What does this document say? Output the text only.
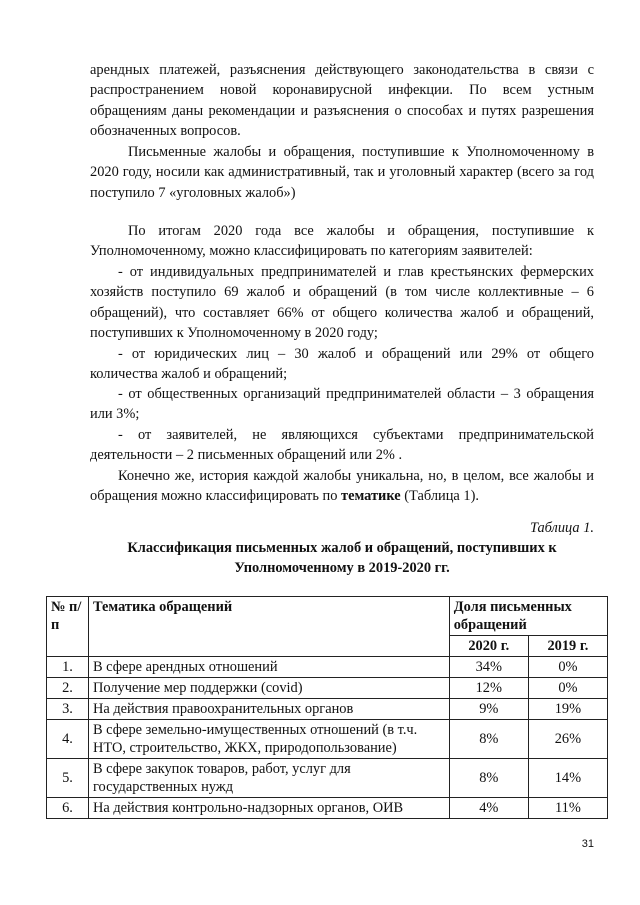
арендных платежей, разъяснения действующего законодательства в связи с распространением новой коронавирусной инфекции. По всем устным обращениям даны рекомендации и разъяснения о способах и путях разрешения обозначенных вопросов.

Письменные жалобы и обращения, поступившие к Уполномоченному в 2020 году, носили как административный, так и уголовный характер (всего за год поступило 7 «уголовных жалоб»)

По итогам 2020 года все жалобы и обращения, поступившие к Уполномоченному, можно классифицировать по категориям заявителей:

- от индивидуальных предпринимателей и глав крестьянских фермерских хозяйств поступило 69 жалоб и обращений (в том числе коллективные – 6 обращений), что составляет 66% от общего количества жалоб и обращений, поступивших к Уполномоченному в 2020 году;

- от юридических лиц – 30 жалоб и обращений или 29% от общего количества жалоб и обращений;

- от общественных организаций предпринимателей области – 3 обращения или 3%;

- от заявителей, не являющихся субъектами предпринимательской деятельности – 2 письменных обращений или 2% .

Конечно же, история каждой жалобы уникальна, но, в целом, все жалобы и обращения можно классифицировать по тематике (Таблица 1).

Таблица 1.
Классификация письменных жалоб и обращений, поступивших к Уполномоченному в 2019-2020 гг.
№ п/п	Тематика обращений	Доля письменных обращений	
		2020 г.	2019 г.
1.	В сфере арендных отношений	34%	0%
2.	Получение мер поддержки (covid)	12%	0%
3.	На действия правоохранительных органов	9%	19%
4.	В сфере земельно-имущественных отношений (в т.ч. НТО, строительство, ЖКХ, природопользование)	8%	26%
5.	В сфере закупок товаров, работ, услуг для государственных нужд	8%	14%
6.	На действия контрольно-надзорных органов, ОИВ	4%	11%
31
